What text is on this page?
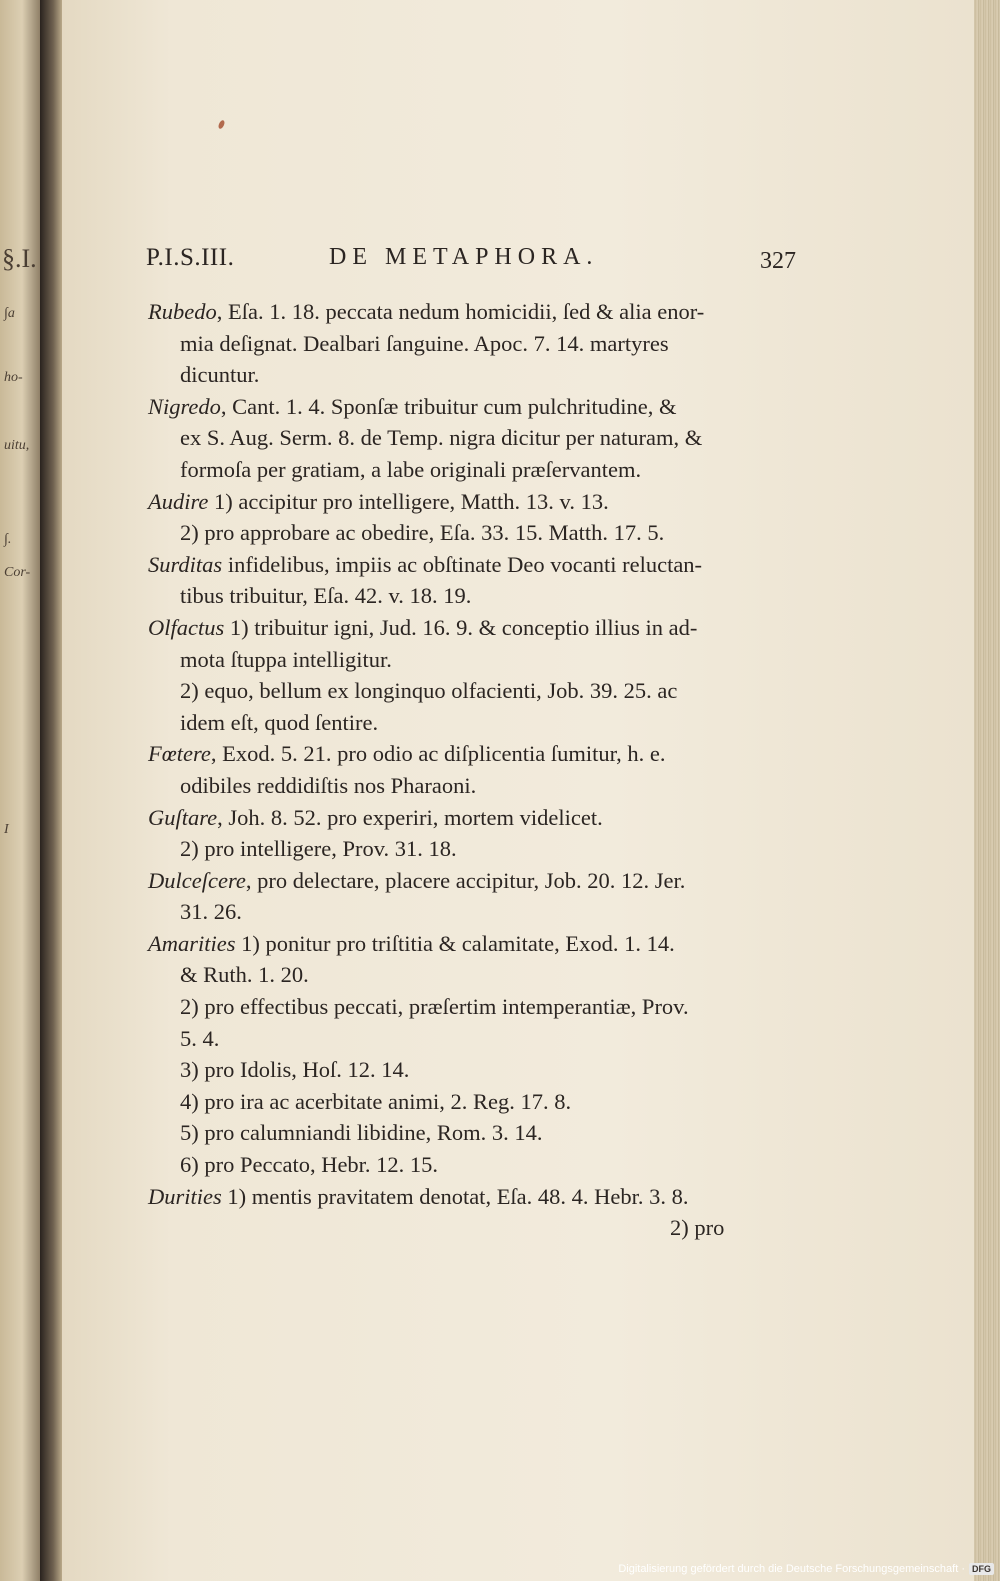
§.I.
∫a
ho-
uitu,
∫.
Cor-
I
P.I.S.III.	DE METAPHORA.	327
Rubedo, Eſa. 1. 18. peccata nedum homicidii, ſed & alia enor-
mia deſignat. Dealbari ſanguine. Apoc. 7. 14. martyres
dicuntur.
Nigredo, Cant. 1. 4. Sponſæ tribuitur cum pulchritudine, &
ex S. Aug. Serm. 8. de Temp. nigra dicitur per naturam, &
formoſa per gratiam, a labe originali præſervantem.
Audire 1) accipitur pro intelligere, Matth. 13. v. 13.
2) pro approbare ac obedire, Eſa. 33. 15. Matth. 17. 5.
Surditas infidelibus, impiis ac obſtinate Deo vocanti reluctan-
tibus tribuitur, Eſa. 42. v. 18. 19.
Olfactus 1) tribuitur igni, Jud. 16. 9. & conceptio illius in ad-
mota ſtuppa intelligitur.
2) equo, bellum ex longinquo olfacienti, Job. 39. 25. ac
idem eſt, quod ſentire.
Fœtere, Exod. 5. 21. pro odio ac diſplicentia ſumitur, h. e.
odibiles reddidiſtis nos Pharaoni.
Guſtare, Joh. 8. 52. pro experiri, mortem videlicet.
2) pro intelligere, Prov. 31. 18.
Dulceſcere, pro delectare, placere accipitur, Job. 20. 12. Jer.
31. 26.
Amarities 1) ponitur pro triſtitia & calamitate, Exod. 1. 14.
& Ruth. 1. 20.
2) pro effectibus peccati, præſertim intemperantiæ, Prov.
5. 4.
3) pro Idolis, Hoſ. 12. 14.
4) pro ira ac acerbitate animi, 2. Reg. 17. 8.
5) pro calumniandi libidine, Rom. 3. 14.
6) pro Peccato, Hebr. 12. 15.
Durities 1) mentis pravitatem denotat, Eſa. 48. 4. Hebr. 3. 8.
2) pro
Digitalisierung gefördert durch die Deutsche Forschungsgemeinschaft · DFG
